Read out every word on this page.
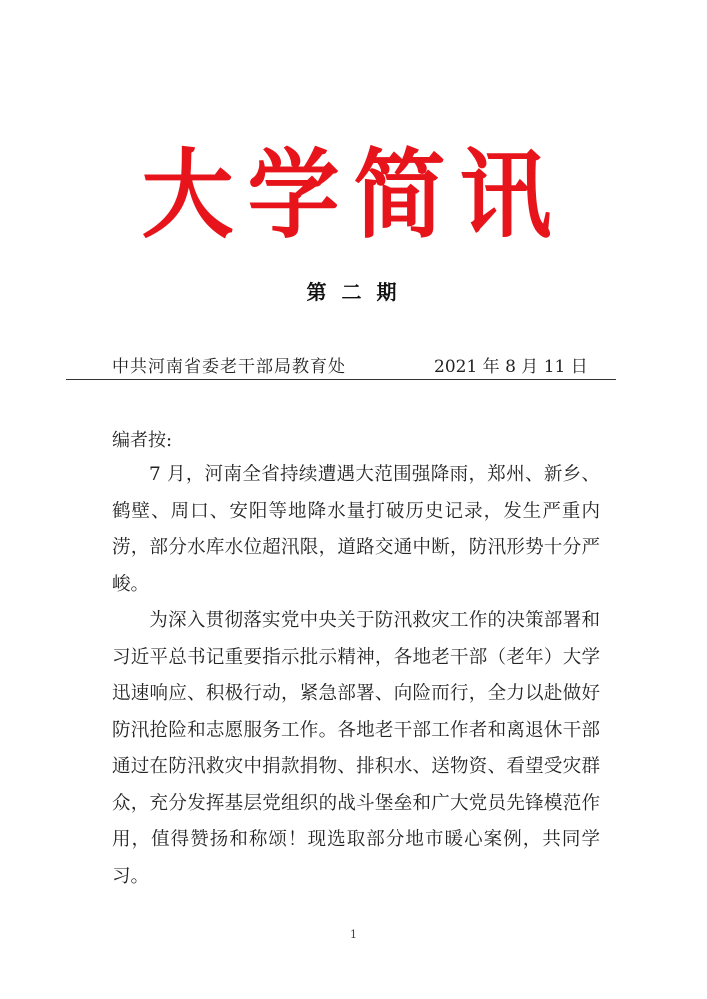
大学简讯
第 二 期
中共河南省委老干部局教育处	2021 年 8 月 11 日
编者按:

7 月，河南全省持续遭遇大范围强降雨，郑州、新乡、鹤壁、周口、安阳等地降水量打破历史记录，发生严重内涝，部分水库水位超汛限，道路交通中断，防汛形势十分严峻。

为深入贯彻落实党中央关于防汛救灾工作的决策部署和习近平总书记重要指示批示精神，各地老干部（老年）大学迅速响应、积极行动，紧急部署、向险而行，全力以赴做好防汛抢险和志愿服务工作。各地老干部工作者和离退休干部通过在防汛救灾中捐款捐物、排积水、送物资、看望受灾群众，充分发挥基层党组织的战斗堡垒和广大党员先锋模范作用，值得赞扬和称颂！现选取部分地市暖心案例，共同学习。

1
